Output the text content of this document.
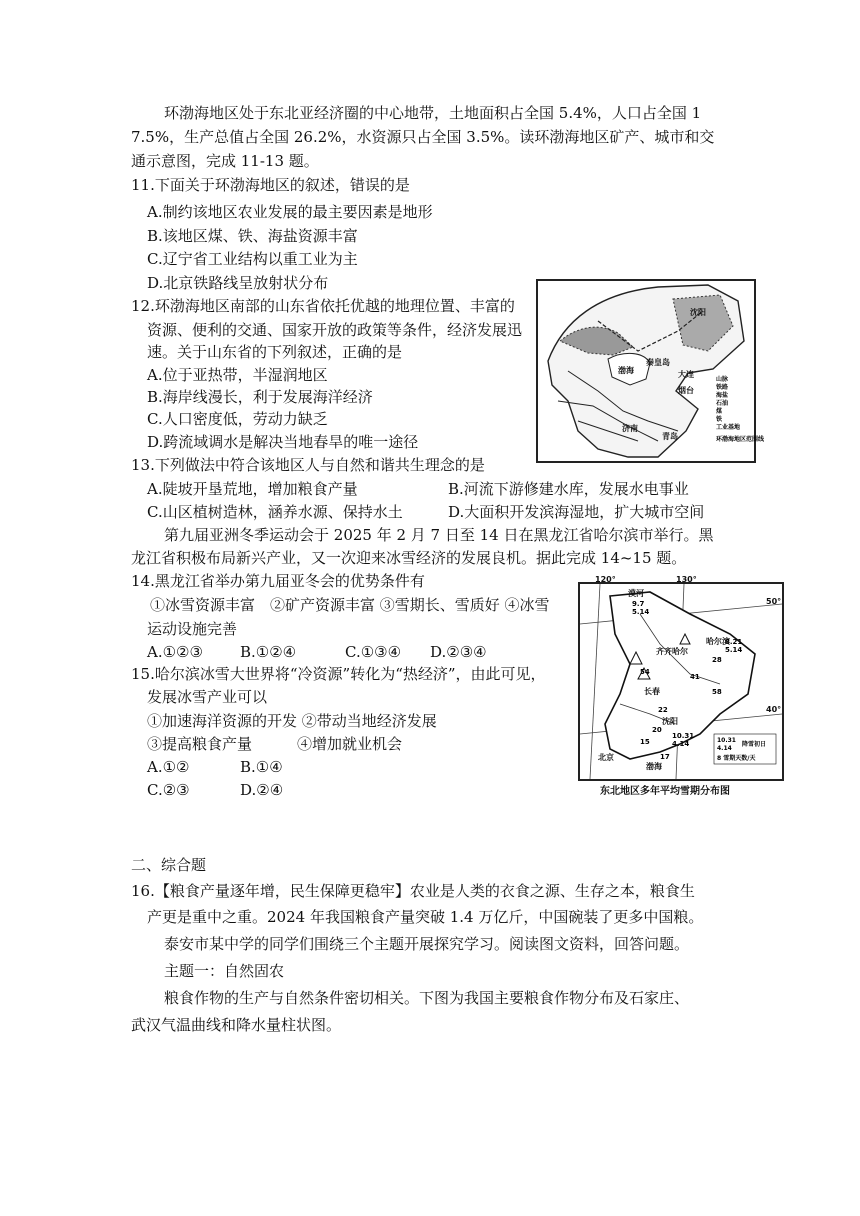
环渤海地区处于东北亚经济圈的中心地带，土地面积占全国 5.4%，人口占全国 1
7.5%，生产总值占全国 26.2%，水资源只占全国 3.5%。读环渤海地区矿产、城市和交
通示意图，完成 11-13 题。
11.下面关于环渤海地区的叙述，错误的是
A.制约该地区农业发展的最主要因素是地形
B.该地区煤、铁、海盐资源丰富
C.辽宁省工业结构以重工业为主
D.北京铁路线呈放射状分布
12.环渤海地区南部的山东省依托优越的地理位置、丰富的
资源、便利的交通、国家开放的政策等条件，经济发展迅
速。关于山东省的下列叙述，正确的是
A.位于亚热带，半湿润地区
B.海岸线漫长，利于发展海洋经济
C.人口密度低，劳动力缺乏
D.跨流域调水是解决当地春旱的唯一途径
13.下列做法中符合该地区人与自然和谐共生理念的是
A.陡坡开垦荒地，增加粮食产量	B.河流下游修建水库，发展水电事业
C.山区植树造林，涵养水源、保持水土	D.大面积开发滨海湿地，扩大城市空间
第九届亚洲冬季运动会于 2025 年 2 月 7 日至 14 日在黑龙江省哈尔滨市举行。黑
龙江省积极布局新兴产业，又一次迎来冰雪经济的发展良机。据此完成 14~15 题。
14.黑龙江省举办第九届亚冬会的优势条件有
①冰雪资源丰富　②矿产资源丰富 ③雪期长、雪质好 ④冰雪
运动设施完善
A.①②③ B.①②④	C.①③④ D.②③④
15.哈尔滨冰雪大世界将“冷资源”转化为“热经济”，由此可见，
发展冰雪产业可以
①加速海洋资源的开发 ②带动当地经济发展
③提高粮食产量　　　④增加就业机会
A.①②	B.①④
C.②③	D.②④
二、综合题
16.【粮食产量逐年增，民生保障更稳牢】农业是人类的衣食之源、生存之本，粮食生
产更是重中之重。2024 年我国粮食产量突破 1.4 万亿斤，中国碗装了更多中国粮。
泰安市某中学的同学们围绕三个主题开展探究学习。阅读图文资料，回答问题。
主题一：自然固农
粮食作物的生产与自然条件密切相关。下图为我国主要粮食作物分布及石家庄、
武汉气温曲线和降水量柱状图。
沈阳
秦皇岛
大连
烟台
济南
青岛
渤海
山脉
铁路
海盐
石油
煤
铁
工业基地
环渤海地区范围线
120°	130°
50°
40°
漠河
齐齐哈尔
长春
沈阳
北京
渤海
哈尔滨
9.7
5.14
10.31
4.14
8.21
5.14
41
54
28
58
22
20
17
15	10.31
4.14
降雪初日
8 雪期天数/天
东北地区多年平均雪期分布图
